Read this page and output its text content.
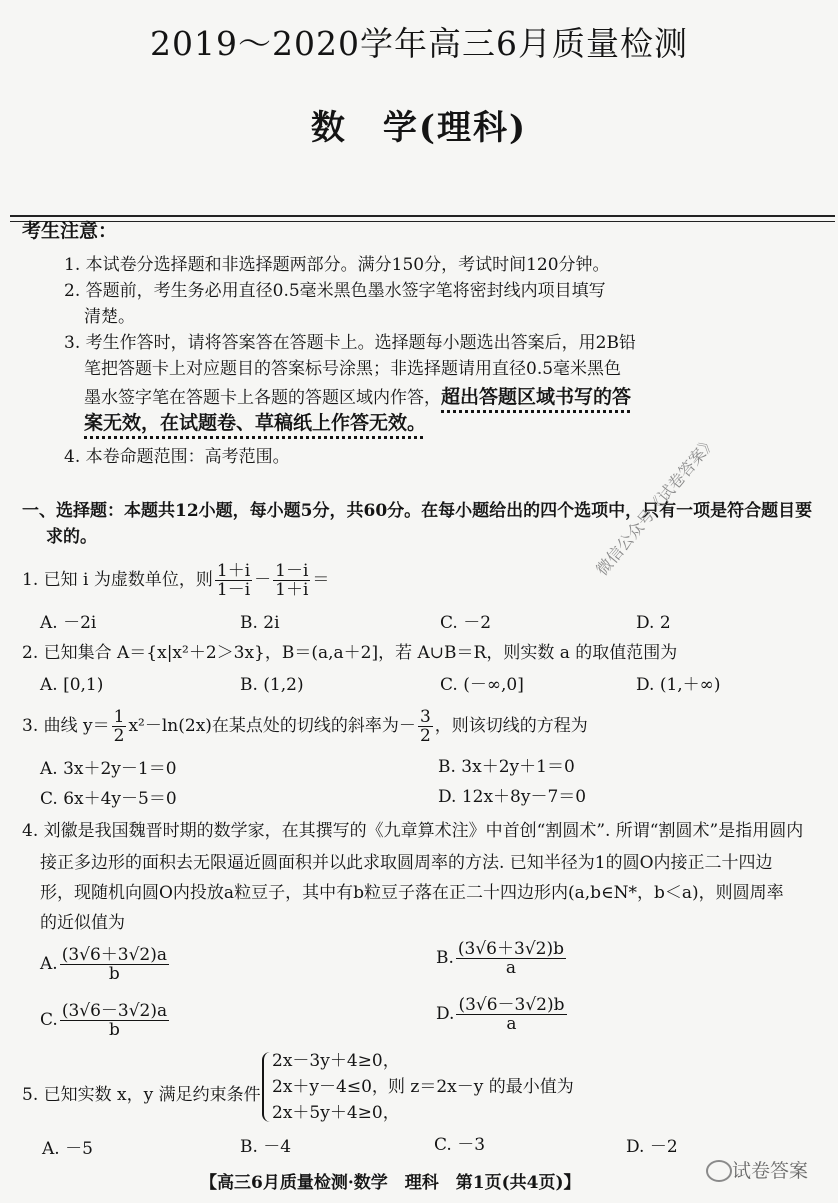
2019～2020学年高三6月质量检测
数　学(理科)
考生注意：
1. 本试卷分选择题和非选择题两部分。满分150分，考试时间120分钟。
2. 答题前，考生务必用直径0.5毫米黑色墨水签字笔将密封线内项目填写
清楚。
3. 考生作答时，请将答案答在答题卡上。选择题每小题选出答案后，用2B铅
笔把答题卡上对应题目的答案标号涂黑；非选择题请用直径0.5毫米黑色
墨水签字笔在答题卡上各题的答题区域内作答，超出答题区域书写的答
案无效，在试题卷、草稿纸上作答无效。
4. 本卷命题范围：高考范围。
一、选择题：本题共12小题，每小题5分，共60分。在每小题给出的四个选项中，只有一项是符合题目要
求的。
1. 已知 i 为虚数单位，则 $\frac{1+i}{1-i} - \frac{1-i}{1+i}$ ＝
A. －2i	B. 2i	C. －2	D. 2
2. 已知集合 A＝{x|x²＋2＞3x}，B＝(a,a＋2]，若 A∪B＝R，则实数 a 的取值范围为
A. [0,1)	B. (1,2)	C. (－∞,0]	D. (1,＋∞)
3. 曲线 $y= \frac{1}{2} x^2-\ln(2x)$在某点处的切线的斜率为－ $\frac{3}{2}$ ，则该切线的方程为
A. 3x＋2y－1＝0	B. 3x＋2y＋1＝0
C. 6x＋4y－5＝0	D. 12x＋8y－7＝0
4. 刘徽是我国魏晋时期的数学家，在其撰写的《九章算术注》中首创“割圆术”. 所谓“割圆术”是指用圆内
接正多边形的面积去无限逼近圆面积并以此求取圆周率的方法. 已知半径为1的圆O内接正二十四边
形，现随机向圆O内投放a粒豆子，其中有b粒豆子落在正二十四边形内(a,b∈N*，b＜a)，则圆周率
的近似值为
A. $\frac{(3√6+3√2)a}{b}$	B. $\frac{(3√6+3√2)b}{a}$
C. $\frac{(3√6-3√2)a}{b}$	D. $\frac{(3√6-3√2)b}{a}$
5. 已知实数 x，y 满足约束条件
2x－3y＋4≥0，
2x＋y－4≤0，
2x＋5y＋4≥0，
则 z＝2x－y 的最小值为
A. －5	B. －4	C. －3	D. －2
【高三6月质量检测·数学　理科　第1页(共4页)】
微信公众号《试卷答案》
试卷答案
